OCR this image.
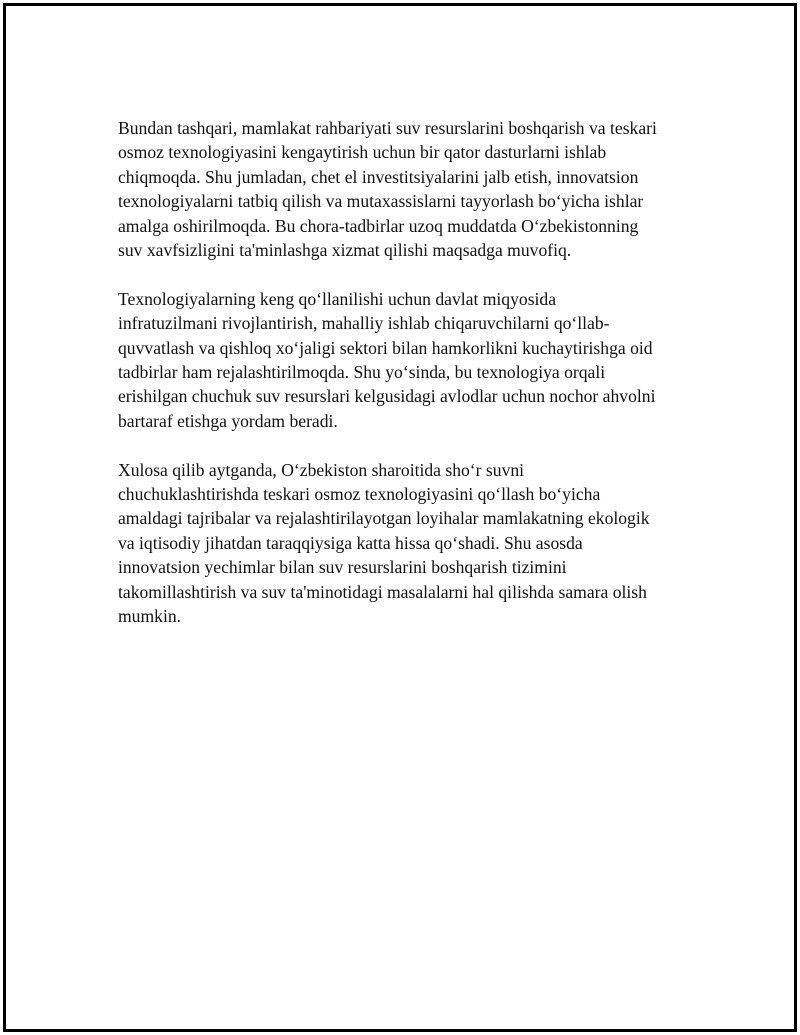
Bundan tashqari, mamlakat rahbariyati suv resurslarini boshqarish va teskari
osmoz texnologiyasini kengaytirish uchun bir qator dasturlarni ishlab
chiqmoqda. Shu jumladan, chet el investitsiyalarini jalb etish, innovatsion
texnologiyalarni tatbiq qilish va mutaxassislarni tayyorlash bo‘yicha ishlar
amalga oshirilmoqda. Bu chora-tadbirlar uzoq muddatda O‘zbekistonning
suv xavfsizligini ta'minlashga xizmat qilishi maqsadga muvofiq.

Texnologiyalarning keng qo‘llanilishi uchun davlat miqyosida
infratuzilmani rivojlantirish, mahalliy ishlab chiqaruvchilarni qo‘llab-
quvvatlash va qishloq xo‘jaligi sektori bilan hamkorlikni kuchaytirishga oid
tadbirlar ham rejalashtirilmoqda. Shu yo‘sinda, bu texnologiya orqali
erishilgan chuchuk suv resurslari kelgusidagi avlodlar uchun nochor ahvolni
bartaraf etishga yordam beradi.

Xulosa qilib aytganda, O‘zbekiston sharoitida sho‘r suvni
chuchuklashtirishda teskari osmoz texnologiyasini qo‘llash bo‘yicha
amaldagi tajribalar va rejalashtirilayotgan loyihalar mamlakatning ekologik
va iqtisodiy jihatdan taraqqiysiga katta hissa qo‘shadi. Shu asosda
innovatsion yechimlar bilan suv resurslarini boshqarish tizimini
takomillashtirish va suv ta'minotidagi masalalarni hal qilishda samara olish
mumkin.
